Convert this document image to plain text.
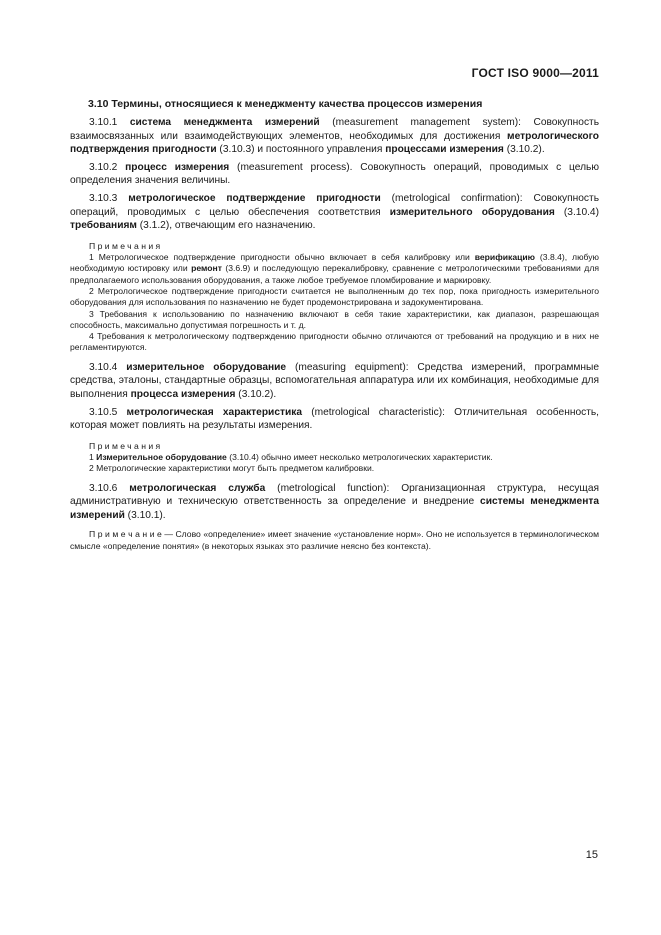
ГОСТ ISO 9000—2011
3.10 Термины, относящиеся к менеджменту качества процессов измерения

3.10.1 система менеджмента измерений (measurement management system): Совокупность взаимосвязанных или взаимодействующих элементов, необходимых для достижения метрологического подтверждения пригодности (3.10.3) и постоянного управления процессами измерения (3.10.2).

3.10.2 процесс измерения (measurement process). Совокупность операций, проводимых с целью определения значения величины.

3.10.3 метрологическое подтверждение пригодности (metrological confirmation): Совокупность операций, проводимых с целью обеспечения соответствия измерительного оборудования (3.10.4) требованиям (3.1.2), отвечающим его назначению.

Примечания

1 Метрологическое подтверждение пригодности обычно включает в себя калибровку или верификацию (3.8.4), любую необходимую юстировку или ремонт (3.6.9) и последующую перекалибровку, сравнение с метрологическими требованиями для предполагаемого использования оборудования, а также любое требуемое пломбирование и маркировку.

2 Метрологическое подтверждение пригодности считается не выполненным до тех пор, пока пригодность измерительного оборудования для использования по назначению не будет продемонстрирована и задокументирована.

3 Требования к использованию по назначению включают в себя такие характеристики, как диапазон, разрешающая способность, максимально допустимая погрешность и т. д.

4 Требования к метрологическому подтверждению пригодности обычно отличаются от требований на продукцию и в них не регламентируются.

3.10.4 измерительное оборудование (measuring equipment): Средства измерений, программные средства, эталоны, стандартные образцы, вспомогательная аппаратура или их комбинация, необходимые для выполнения процесса измерения (3.10.2).

3.10.5 метрологическая характеристика (metrological characteristic): Отличительная особенность, которая может повлиять на результаты измерения.

Примечания

1 Измерительное оборудование (3.10.4) обычно имеет несколько метрологических характеристик.

2 Метрологические характеристики могут быть предметом калибровки.

3.10.6 метрологическая служба (metrological function): Организационная структура, несущая административную и техническую ответственность за определение и внедрение системы менеджмента измерений (3.10.1).

П р и м е ч а н и е — Слово «определение» имеет значение «установление норм». Оно не используется в терминологическом смысле «определение понятия» (в некоторых языках это различие неясно без контекста).

15
